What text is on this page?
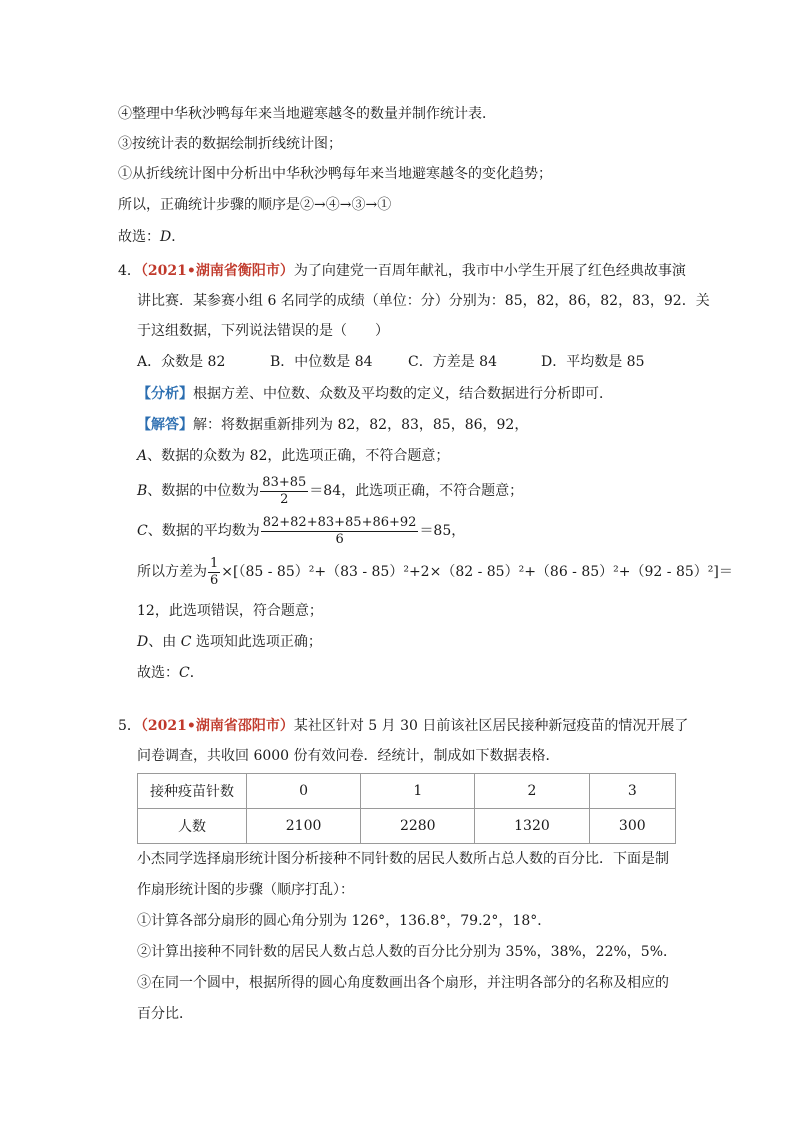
④整理中华秋沙鸭每年来当地避寒越冬的数量并制作统计表．
③按统计表的数据绘制折线统计图；
①从折线统计图中分析出中华秋沙鸭每年来当地避寒越冬的变化趋势；
所以，正确统计步骤的顺序是②→④→③→①
故选：D．
4．（2021•湖南省衡阳市）为了向建党一百周年献礼，我市中小学生开展了红色经典故事演
讲比赛．某参赛小组 6 名同学的成绩（单位：分）分别为：85，82，86，82，83，92．关
于这组数据，下列说法错误的是（　　）
A．众数是 82	B．中位数是 84	C．方差是 84	D．平均数是 85
【分析】根据方差、中位数、众数及平均数的定义，结合数据进行分析即可．
【解答】解：将数据重新排列为 82，82，83，85，86，92，
A、数据的众数为 82，此选项正确，不符合题意；
B、数据的中位数为 $\frac{83+85}{2} =84$，此选项正确，不符合题意；
C、数据的平均数为 $\frac{82+82+83+85+86+92}{6} =85$，
所以方差为 $\frac{1}{6} \times[(85 - 85)^2+(83 - 85)^2+2\times(82 - 85)^2+(86 - 85)^2+(92 - 85)^2]=$
12，此选项错误，符合题意；
D、由 C 选项知此选项正确；
故选：C．
5．（2021•湖南省邵阳市）某社区针对 5 月 30 日前该社区居民接种新冠疫苗的情况开展了
问卷调查，共收回 6000 份有效问卷．经统计，制成如下数据表格．
接种疫苗针数	0	1	2	3
人数	2100	2280	1320	300
小杰同学选择扇形统计图分析接种不同针数的居民人数所占总人数的百分比．下面是制
作扇形统计图的步骤（顺序打乱）：
①计算各部分扇形的圆心角分别为 126°，136.8°，79.2°，18°．
②计算出接种不同针数的居民人数占总人数的百分比分别为 35%，38%，22%，5%．
③在同一个圆中，根据所得的圆心角度数画出各个扇形，并注明各部分的名称及相应的
百分比．
